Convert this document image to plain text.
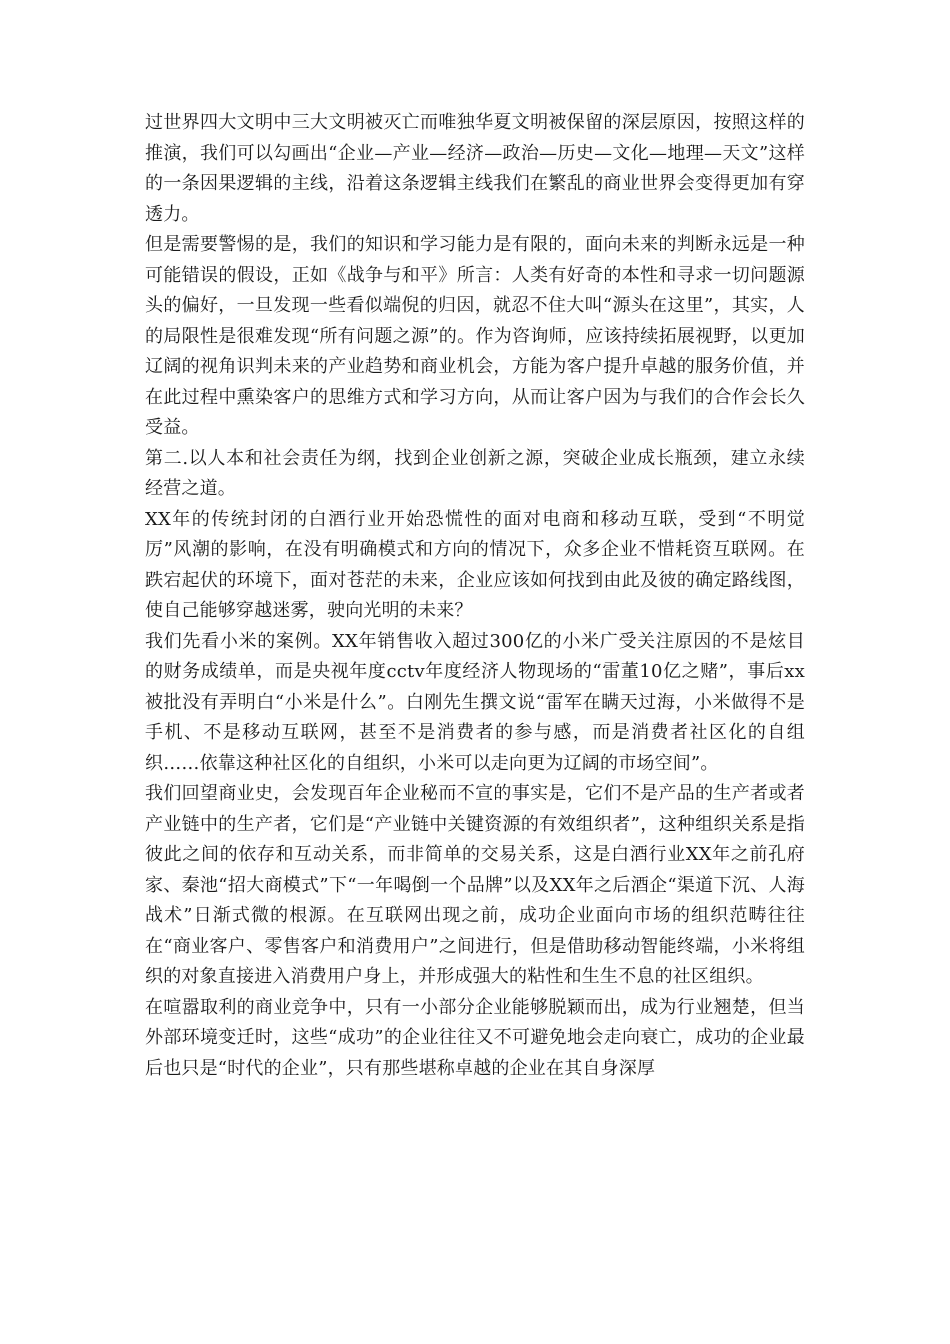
过世界四大文明中三大文明被灭亡而唯独华夏文明被保留的深层原因，按照这样的推演，我们可以勾画出“企业—产业—经济—政治—历史—文化—地理—天文”这样的一条因果逻辑的主线，沿着这条逻辑主线我们在繁乱的商业世界会变得更加有穿透力。

但是需要警惕的是，我们的知识和学习能力是有限的，面向未来的判断永远是一种可能错误的假设，正如《战争与和平》所言：人类有好奇的本性和寻求一切问题源头的偏好，一旦发现一些看似端倪的归因，就忍不住大叫“源头在这里”，其实，人的局限性是很难发现“所有问题之源”的。作为咨询师，应该持续拓展视野，以更加辽阔的视角识判未来的产业趋势和商业机会，方能为客户提升卓越的服务价值，并在此过程中熏染客户的思维方式和学习方向，从而让客户因为与我们的合作会长久受益。

第二.以人本和社会责任为纲，找到企业创新之源，突破企业成长瓶颈，建立永续经营之道。

XX年的传统封闭的白酒行业开始恐慌性的面对电商和移动互联，受到“不明觉厉”风潮的影响，在没有明确模式和方向的情况下，众多企业不惜耗资互联网。在跌宕起伏的环境下，面对苍茫的未来，企业应该如何找到由此及彼的确定路线图，使自己能够穿越迷雾，驶向光明的未来？

我们先看小米的案例。XX年销售收入超过300亿的小米广受关注原因的不是炫目的财务成绩单，而是央视年度cctv年度经济人物现场的“雷董10亿之赌”，事后xx被批没有弄明白“小米是什么”。白刚先生撰文说“雷军在瞒天过海，小米做得不是手机、不是移动互联网，甚至不是消费者的参与感，而是消费者社区化的自组织……依靠这种社区化的自组织，小米可以走向更为辽阔的市场空间”。

我们回望商业史，会发现百年企业秘而不宣的事实是，它们不是产品的生产者或者产业链中的生产者，它们是“产业链中关键资源的有效组织者”，这种组织关系是指彼此之间的依存和互动关系，而非简单的交易关系，这是白酒行业XX年之前孔府家、秦池“招大商模式”下“一年喝倒一个品牌”以及XX年之后酒企“渠道下沉、人海战术”日渐式微的根源。在互联网出现之前，成功企业面向市场的组织范畴往往在“商业客户、零售客户和消费用户”之间进行，但是借助移动智能终端，小米将组织的对象直接进入消费用户身上，并形成强大的粘性和生生不息的社区组织。

在喧嚣取利的商业竞争中，只有一小部分企业能够脱颖而出，成为行业翘楚，但当外部环境变迁时，这些“成功”的企业往往又不可避免地会走向衰亡，成功的企业最后也只是“时代的企业”，只有那些堪称卓越的企业在其自身深厚
